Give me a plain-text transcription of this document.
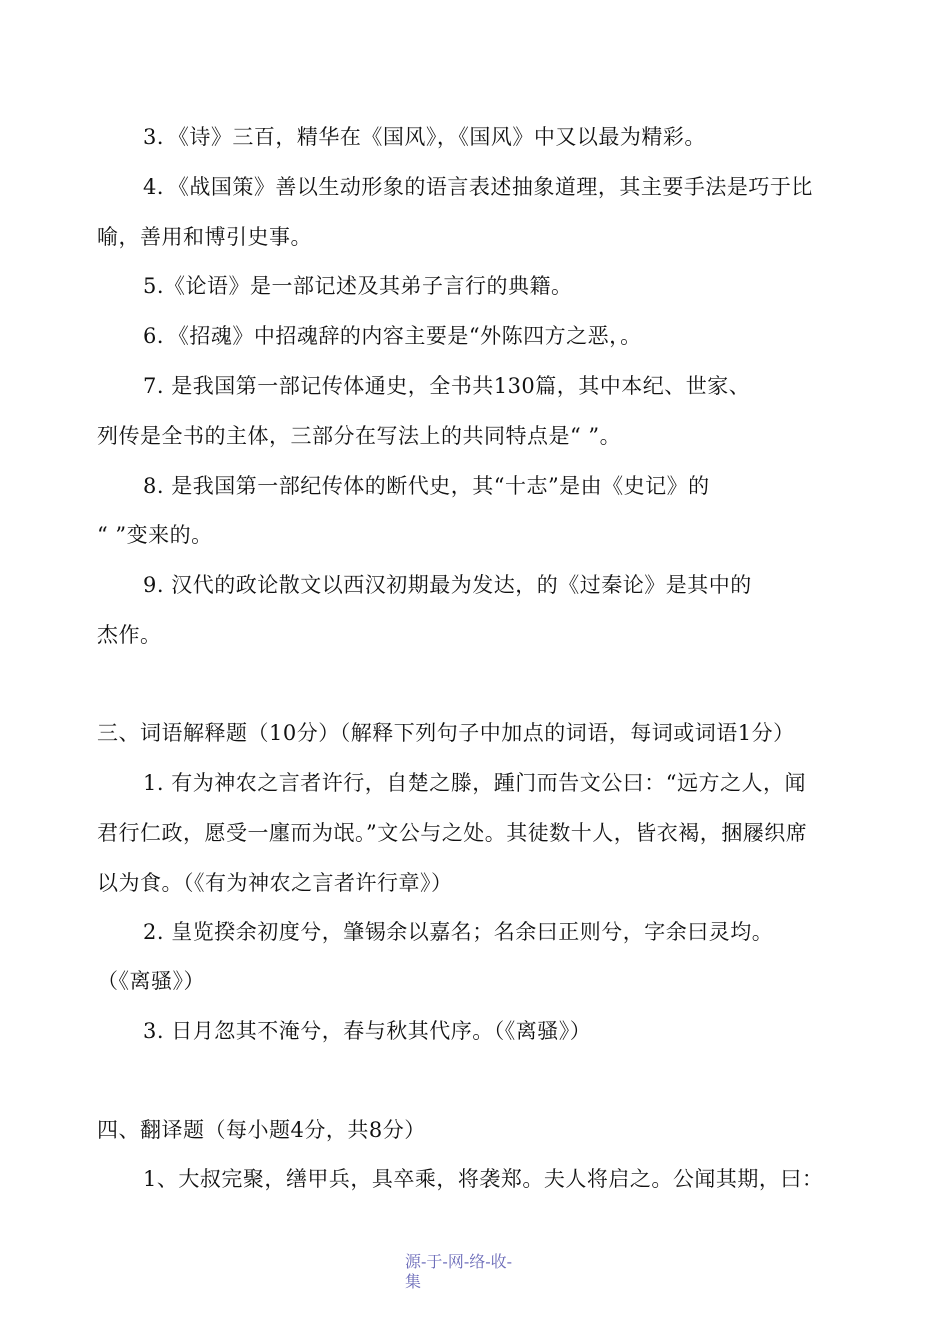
3．《诗》三百，精华在《国风》，《国风》中又以最为精彩。
4．《战国策》善以生动形象的语言表述抽象道理，其主要手法是巧于比
喻，善用和博引史事。
5.《论语》是一部记述及其弟子言行的典籍。
6．《招魂》中招魂辞的内容主要是“外陈四方之恶，。
7. 是我国第一部记传体通史，全书共130篇，其中本纪、世家、
列传是全书的主体，三部分在写法上的共同特点是“ ”。
8. 是我国第一部纪传体的断代史，其“十志”是由《史记》的
“ ”变来的。
9. 汉代的政论散文以西汉初期最为发达，的《过秦论》是其中的
杰作。
三、词语解释题（10分）（解释下列句子中加点的词语，每词或词语1分）
1. 有为神农之言者许行，自楚之滕，踵门而告文公曰：“远方之人，闻
君行仁政，愿受一廛而为氓。”文公与之处。其徒数十人，皆衣褐，捆屦织席
以为食。（《有为神农之言者许行章》）
2. 皇览揆余初度兮，肇锡余以嘉名；名余曰正则兮，字余曰灵均。
（《离骚》）
3. 日月忽其不淹兮，春与秋其代序。（《离骚》）
四、翻译题（每小题4分，共8分）
1、大叔完聚，缮甲兵，具卒乘，将袭郑。夫人将启之。公闻其期，曰：
源-于-网-络-收-
集
